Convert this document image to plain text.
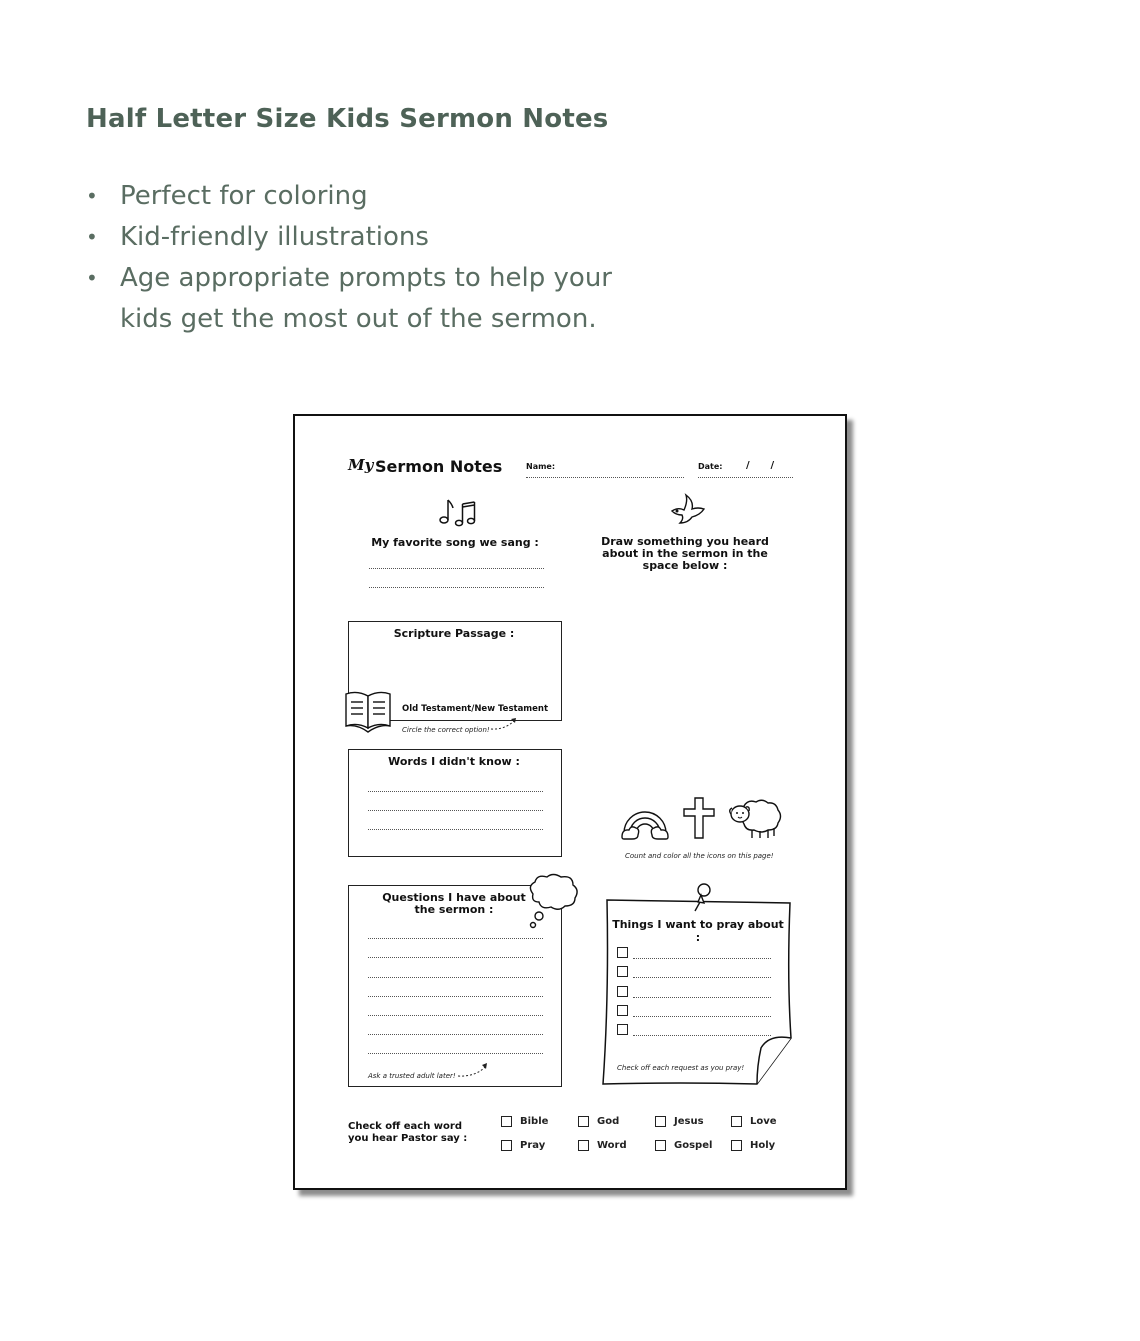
Half Letter Size Kids Sermon Notes
• Perfect for coloring
• Kid-friendly illustrations
• Age appropriate prompts to help your kids get the most out of the sermon.
My Sermon Notes	Name:	Date: /      /
My favorite song we sang :	Draw something you heard about in the sermon in the space below :
Scripture Passage :
Old Testament/New Testament
Circle the correct option!
Words I didn't know :
Count and color all the icons on this page!
Questions I have about the sermon :
Ask a trusted adult later!
Things I want to pray about :
Check off each request as you pray!
Check off each word you hear Pastor say :
Bible	God	Jesus	Love
Pray	Word	Gospel	Holy
